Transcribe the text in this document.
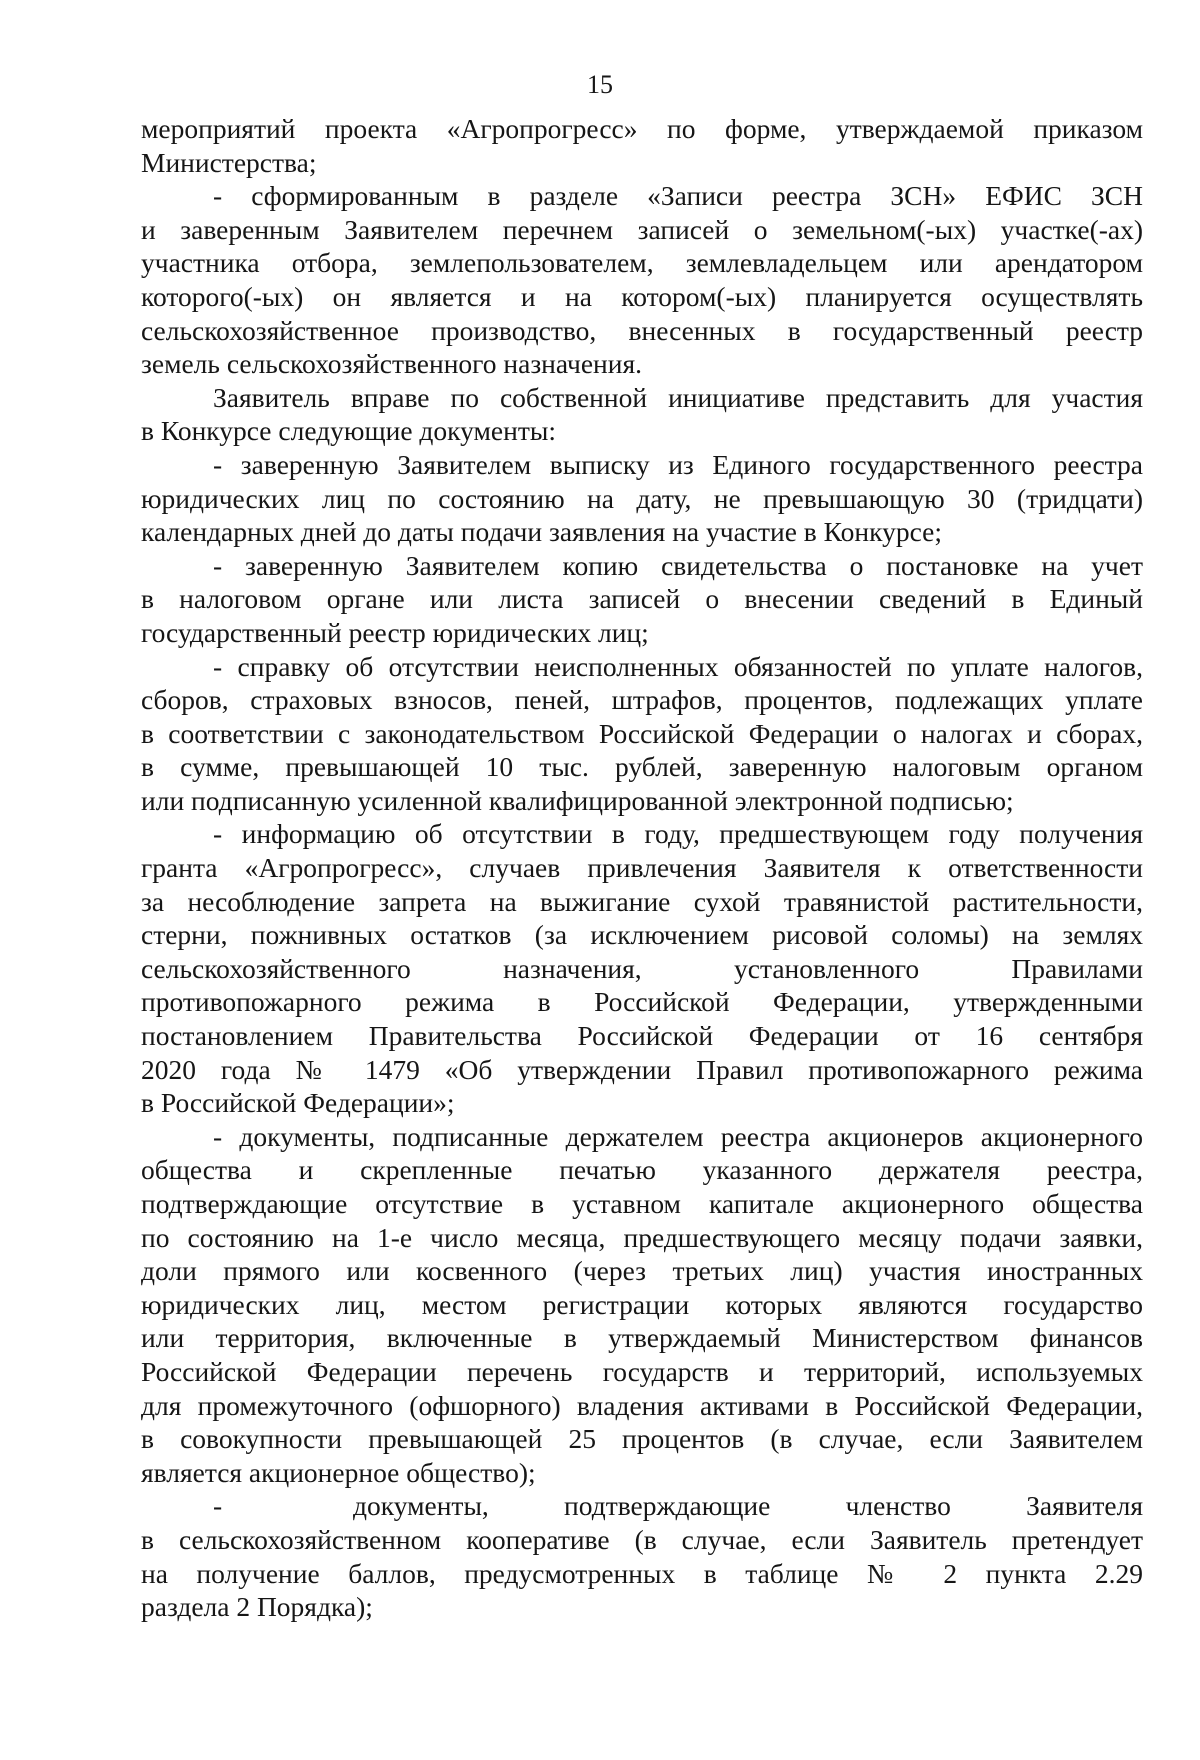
15
мероприятий проекта «Агропрогресс» по форме, утверждаемой приказом
Министерства;
- сформированным в разделе «Записи реестра ЗСН» ЕФИС ЗСН
и заверенным Заявителем перечнем записей о земельном(-ых) участке(-ах)
участника отбора, землепользователем, землевладельцем или арендатором
которого(-ых) он является и на котором(-ых) планируется осуществлять
сельскохозяйственное производство, внесенных в государственный реестр
земель сельскохозяйственного назначения.
Заявитель вправе по собственной инициативе представить для участия
в Конкурсе следующие документы:
- заверенную Заявителем выписку из Единого государственного реестра
юридических лиц по состоянию на дату, не превышающую 30 (тридцати)
календарных дней до даты подачи заявления на участие в Конкурсе;
- заверенную Заявителем копию свидетельства о постановке на учет
в налоговом органе или листа записей о внесении сведений в Единый
государственный реестр юридических лиц;
- справку об отсутствии неисполненных обязанностей по уплате налогов,
сборов, страховых взносов, пеней, штрафов, процентов, подлежащих уплате
в соответствии с законодательством Российской Федерации о налогах и сборах,
в сумме, превышающей 10 тыс. рублей, заверенную налоговым органом
или подписанную усиленной квалифицированной электронной подписью;
- информацию об отсутствии в году, предшествующем году получения
гранта «Агропрогресс», случаев привлечения Заявителя к ответственности
за несоблюдение запрета на выжигание сухой травянистой растительности,
стерни, пожнивных остатков (за исключением рисовой соломы) на землях
сельскохозяйственного назначения, установленного Правилами
противопожарного режима в Российской Федерации, утвержденными
постановлением Правительства Российской Федерации от 16 сентября
2020 года № 1479 «Об утверждении Правил противопожарного режима
в Российской Федерации»;
- документы, подписанные держателем реестра акционеров акционерного
общества и скрепленные печатью указанного держателя реестра,
подтверждающие отсутствие в уставном капитале акционерного общества
по состоянию на 1-е число месяца, предшествующего месяцу подачи заявки,
доли прямого или косвенного (через третьих лиц) участия иностранных
юридических лиц, местом регистрации которых являются государство
или территория, включенные в утверждаемый Министерством финансов
Российской Федерации перечень государств и территорий, используемых
для промежуточного (офшорного) владения активами в Российской Федерации,
в совокупности превышающей 25 процентов (в случае, если Заявителем
является акционерное общество);
-	документы, подтверждающие членство Заявителя
в сельскохозяйственном кооперативе (в случае, если Заявитель претендует
на получение баллов, предусмотренных в таблице № 2 пункта 2.29
раздела 2 Порядка);
